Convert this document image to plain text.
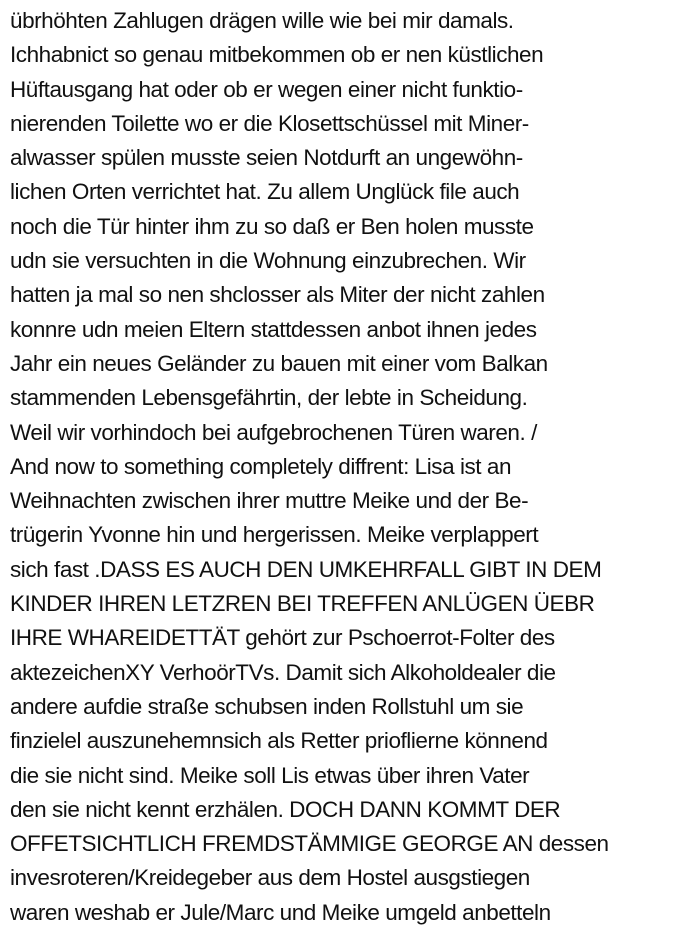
übrhöhten Zahlugen drägen wille wie bei mir damals.
Ichhabnict so genau mitbekommen ob er nen küstlichen
Hüftausgang hat oder ob er wegen einer nicht funktio-
nierenden Toilette wo er die Klosettschüssel mit Miner-
alwasser spülen musste seien Notdurft an ungewöhn-
lichen Orten verrichtet hat. Zu allem Unglück file auch
noch die Tür hinter ihm zu so daß er Ben holen musste
udn sie versuchten in die Wohnung einzubrechen. Wir
hatten ja mal so nen shclosser als Miter der nicht zahlen
konnre udn meien Eltern stattdessen anbot ihnen jedes
Jahr ein neues Geländer zu bauen mit einer vom Balkan
stammenden Lebensgefährtin, der lebte in Scheidung.
Weil wir vorhindoch bei aufgebrochenen Türen waren. /
And now to something completely diffrent: Lisa ist an
Weihnachten zwischen ihrer muttre Meike und der Be-
trügerin Yvonne hin und hergerissen. Meike verplappert
sich fast .DASS ES AUCH DEN UMKEHRFALL GIBT IN DEM
KINDER IHREN LETZREN BEI TREFFEN ANLÜGEN ÜEBR
IHRE WHAREIDETTÄT gehört zur Pschoerrot-Folter des
aktezeichenXY VerhoörTVs. Damit sich Alkoholdealer die
andere aufdie straße schubsen inden Rollstuhl um sie
finzielel auszunehemnsich als Retter prioflierne könnend
die sie nicht sind. Meike soll Lis etwas über ihren Vater
den sie nicht kennt erzhälen. DOCH DANN KOMMT DER
OFFETSICHTLICH FREMDSTÄMMIGE GEORGE AN dessen
invesroteren/Kreidegeber aus dem Hostel ausgstiegen
waren weshab er Jule/Marc und Meike umgeld anbetteln
